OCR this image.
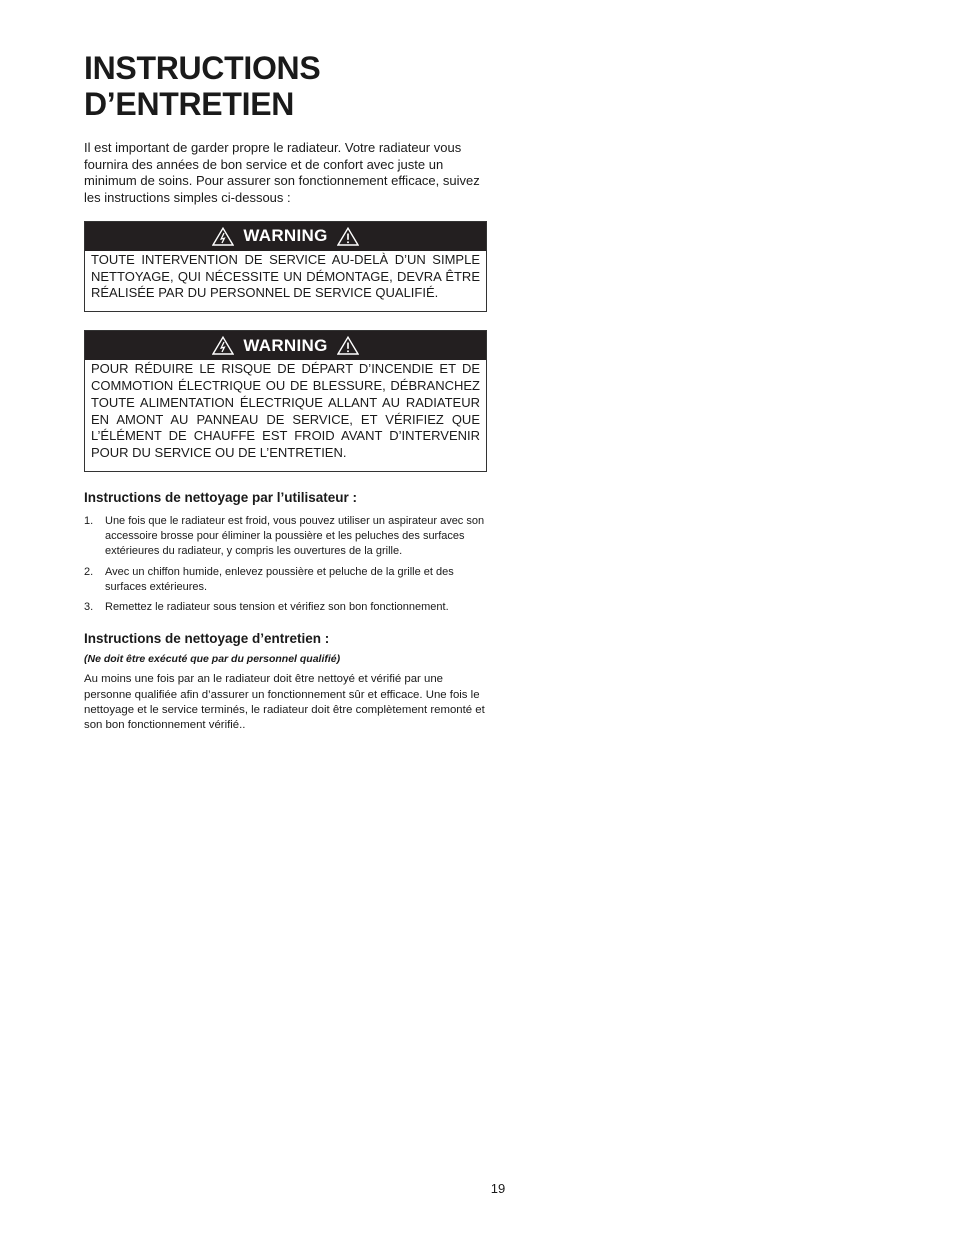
INSTRUCTIONS
D’ENTRETIEN

Il est important de garder propre le radiateur. Votre radiateur vous fournira des années de bon service et de confort avec juste un minimum de soins. Pour assurer son fonctionnement efficace, suivez les instructions simples ci-dessous :

WARNING

TOUTE INTERVENTION DE SERVICE AU-DELÀ D’UN SIMPLE NETTOYAGE, QUI NÉCESSITE UN DÉMONTAGE, DEVRA ÊTRE RÉALISÉE PAR DU PERSONNEL DE SERVICE QUALIFIÉ.

WARNING

POUR RÉDUIRE LE RISQUE DE DÉPART D’INCENDIE ET DE COMMOTION ÉLECTRIQUE OU DE BLESSURE, DÉBRANCHEZ TOUTE ALIMENTATION ÉLECTRIQUE ALLANT AU RADIATEUR EN AMONT AU PANNEAU DE SERVICE, ET VÉRIFIEZ QUE L’ÉLÉMENT DE CHAUFFE EST FROID AVANT D’INTERVENIR POUR DU SERVICE OU DE L’ENTRETIEN.

Instructions de nettoyage par l’utilisateur :
1. Une fois que le radiateur est froid, vous pouvez utiliser un aspirateur avec son accessoire brosse pour éliminer la poussière et les peluches des surfaces extérieures du radiateur, y compris les ouvertures de la grille.
2. Avec un chiffon humide, enlevez poussière et peluche de la grille et des surfaces extérieures.
3. Remettez le radiateur sous tension et vérifiez son bon fonctionnement.
Instructions de nettoyage d’entretien :

(Ne doit être exécuté que par du personnel qualifié)

Au moins une fois par an le radiateur doit être nettoyé et vérifié par une personne qualifiée afin d’assurer un fonctionnement sûr et efficace. Une fois le nettoyage et le service terminés, le radiateur doit être complètement remonté et son bon fonctionnement vérifié..

19
